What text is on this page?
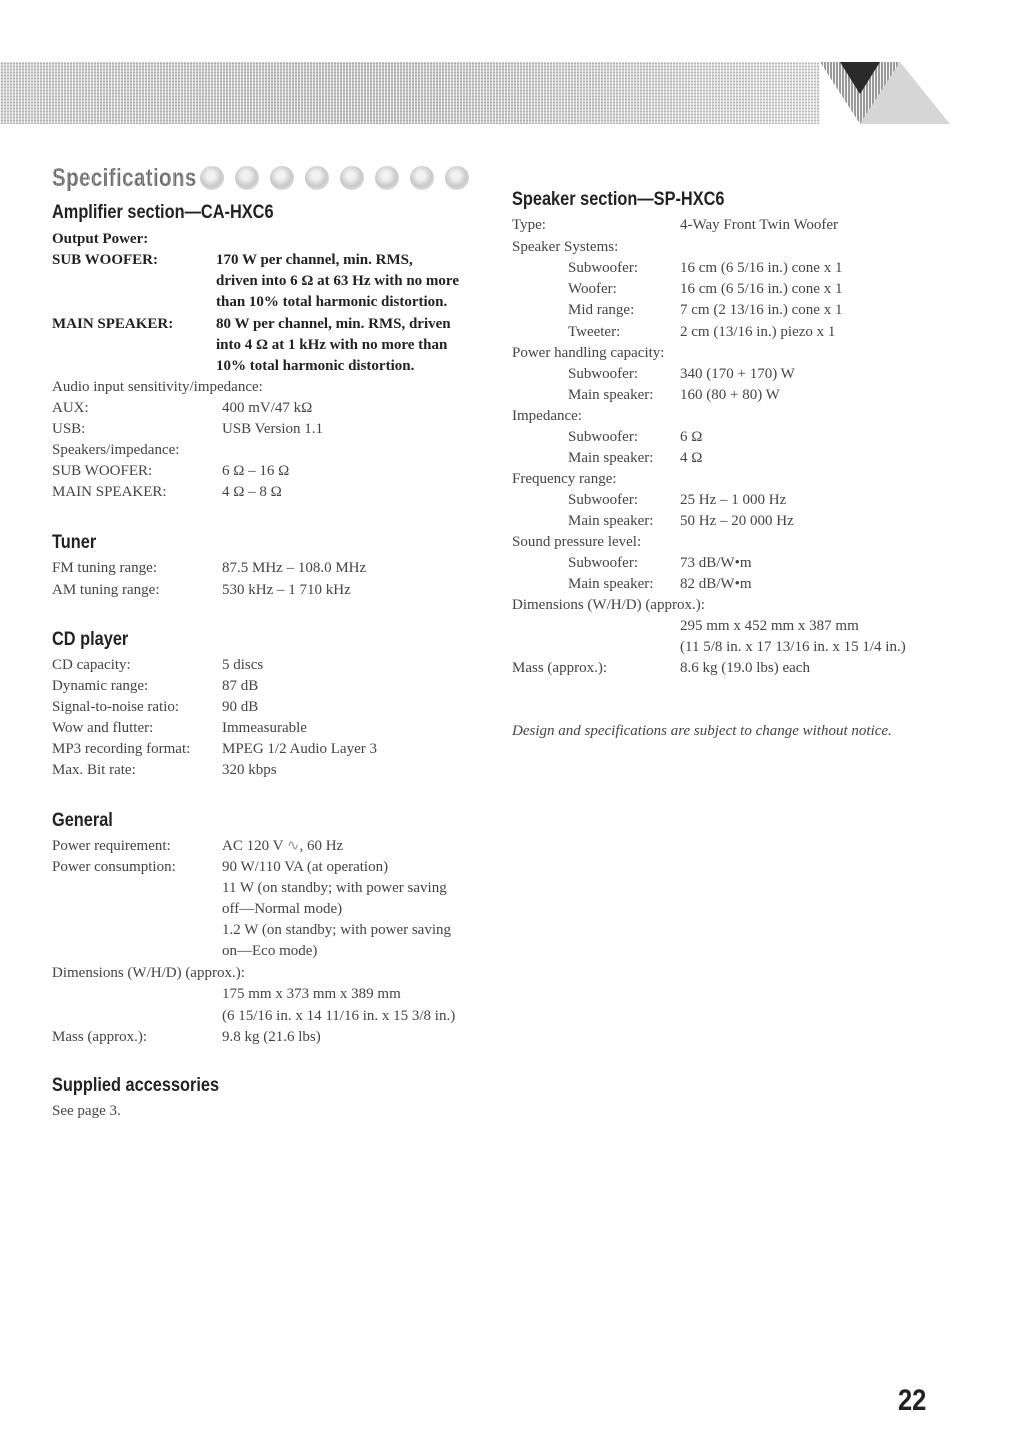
Specifications
Amplifier section—CA-HXC6
Output Power:
SUB WOOFER:	170 W per channel, min. RMS,
driven into 6 Ω at 63 Hz with no more
than 10% total harmonic distortion.
MAIN SPEAKER:	80 W per channel, min. RMS, driven
into 4 Ω at 1 kHz with no more than
10% total harmonic distortion.
Audio input sensitivity/impedance:
AUX:	400 mV/47 kΩ
USB:	USB Version 1.1
Speakers/impedance:
SUB WOOFER:	6 Ω – 16 Ω
MAIN SPEAKER:	4 Ω – 8 Ω
Tuner
FM tuning range:	87.5 MHz – 108.0 MHz
AM tuning range:	530 kHz – 1 710 kHz
CD player
CD capacity:	5 discs
Dynamic range:	87 dB
Signal-to-noise ratio:	90 dB
Wow and flutter:	Immeasurable
MP3 recording format: MPEG 1/2 Audio Layer 3
Max. Bit rate:	320 kbps
General
Power requirement:	AC 120 V ∿, 60 Hz
Power consumption:	90 W/110 VA (at operation)
11 W (on standby; with power saving
off—Normal mode)
1.2 W (on standby; with power saving
on—Eco mode)
Dimensions (W/H/D) (approx.):
175 mm x 373 mm x 389 mm
(6 15/16 in. x 14 11/16 in. x 15 3/8 in.)
Mass (approx.):	9.8 kg (21.6 lbs)
Supplied accessories
See page 3.
Speaker section—SP-HXC6
Type:	4-Way Front Twin Woofer
Speaker Systems:
Subwoofer:	16 cm (6 5/16 in.) cone x 1
Woofer:	16 cm (6 5/16 in.) cone x 1
Mid range:	7 cm (2 13/16 in.) cone x 1
Tweeter:	2 cm (13/16 in.) piezo x 1
Power handling capacity:
Subwoofer:	340 (170 + 170) W
Main speaker: 160 (80 + 80) W
Impedance:
Subwoofer:	6 Ω
Main speaker: 4 Ω
Frequency range:
Subwoofer:	25 Hz – 1 000 Hz
Main speaker: 50 Hz – 20 000 Hz
Sound pressure level:
Subwoofer:	73 dB/W•m
Main speaker: 82 dB/W•m
Dimensions (W/H/D) (approx.):
295 mm x 452 mm x 387 mm
(11 5/8 in. x 17 13/16 in. x 15 1/4 in.)
Mass (approx.):	8.6 kg (19.0 lbs) each
Design and specifications are subject to change without notice.
22
